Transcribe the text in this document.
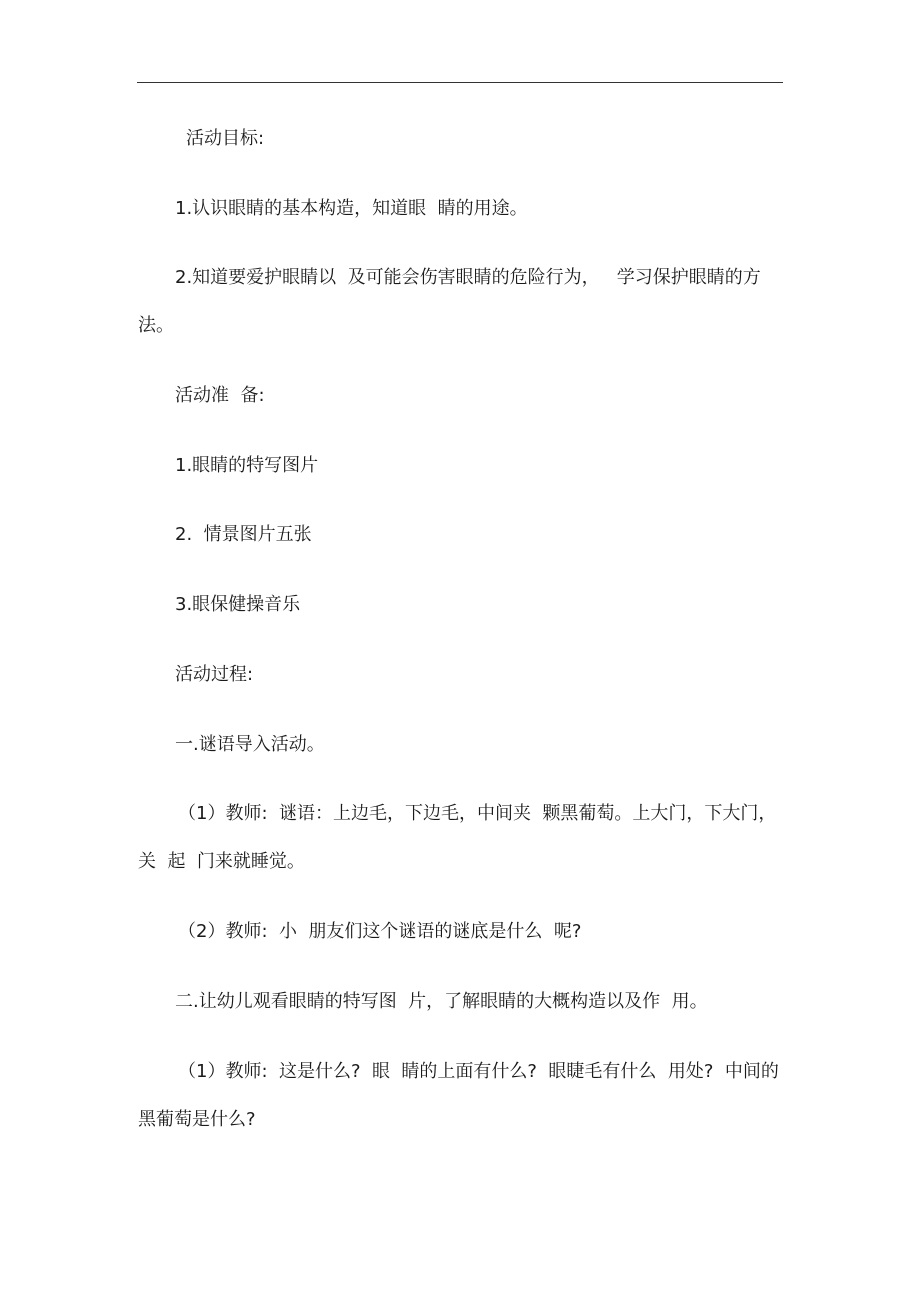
活动目标:
1.认识眼睛的基本构造，知道眼  睛的用途。
2.知道要爱护眼睛以  及可能会伤害眼睛的危险行为，   学习保护眼睛的方
法。
活动准  备:
1.眼睛的特写图片
2.  情景图片五张
3.眼保健操音乐
活动过程:
一.谜语导入活动。
（1）教师:  谜语：上边毛，下边毛，中间夹  颗黑葡萄。上大门，下大门，
关  起  门来就睡觉。
（2）教师:  小  朋友们这个谜语的谜底是什么  呢?
二.让幼儿观看眼睛的特写图  片，了解眼睛的大概构造以及作  用。
（1）教师:  这是什么?  眼  睛的上面有什么?  眼睫毛有什么  用处?  中间的
黑葡萄是什么?
